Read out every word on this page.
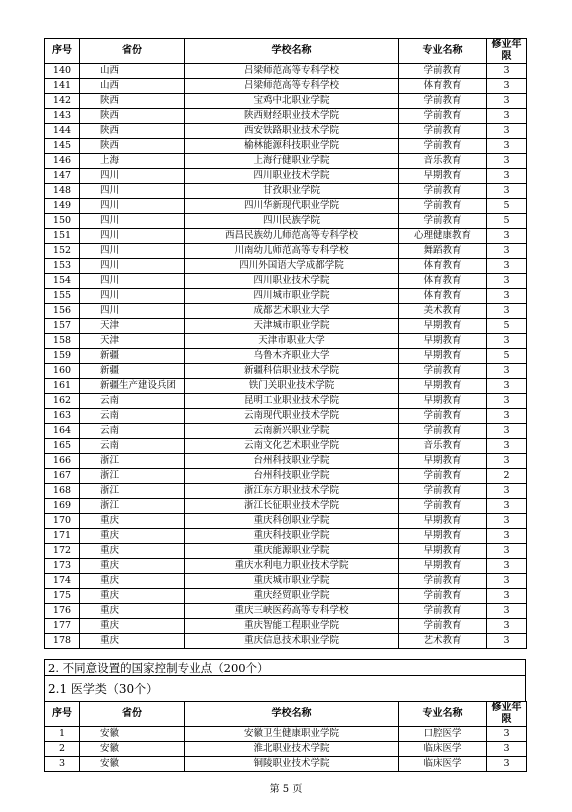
序号	省份	学校名称	专业名称	修业年限
140	山西	吕梁师范高等专科学校	学前教育	3
141	山西	吕梁师范高等专科学校	体育教育	3
142	陕西	宝鸡中北职业学院	学前教育	3
143	陕西	陕西财经职业技术学院	学前教育	3
144	陕西	西安铁路职业技术学院	学前教育	3
145	陕西	榆林能源科技职业学院	学前教育	3
146	上海	上海行健职业学院	音乐教育	3
147	四川	四川职业技术学院	早期教育	3
148	四川	甘孜职业学院	学前教育	3
149	四川	四川华新现代职业学院	学前教育	5
150	四川	四川民族学院	学前教育	5
151	四川	西昌民族幼儿师范高等专科学校	心理健康教育	3
152	四川	川南幼儿师范高等专科学校	舞蹈教育	3
153	四川	四川外国语大学成都学院	体育教育	3
154	四川	四川职业技术学院	体育教育	3
155	四川	四川城市职业学院	体育教育	3
156	四川	成都艺术职业大学	美术教育	3
157	天津	天津城市职业学院	早期教育	5
158	天津	天津市职业大学	早期教育	3
159	新疆	乌鲁木齐职业大学	早期教育	5
160	新疆	新疆科信职业技术学院	学前教育	3
161	新疆生产建设兵团	铁门关职业技术学院	早期教育	3
162	云南	昆明工业职业技术学院	早期教育	3
163	云南	云南现代职业技术学院	学前教育	3
164	云南	云南新兴职业学院	学前教育	3
165	云南	云南文化艺术职业学院	音乐教育	3
166	浙江	台州科技职业学院	早期教育	3
167	浙江	台州科技职业学院	学前教育	2
168	浙江	浙江东方职业技术学院	学前教育	3
169	浙江	浙江长征职业技术学院	学前教育	3
170	重庆	重庆科创职业学院	早期教育	3
171	重庆	重庆科技职业学院	早期教育	3
172	重庆	重庆能源职业学院	早期教育	3
173	重庆	重庆水利电力职业技术学院	早期教育	3
174	重庆	重庆城市职业学院	学前教育	3
175	重庆	重庆经贸职业学院	学前教育	3
176	重庆	重庆三峡医药高等专科学校	学前教育	3
177	重庆	重庆智能工程职业学院	学前教育	3
178	重庆	重庆信息技术职业学院	艺术教育	3
2. 不同意设置的国家控制专业点（200个）
2.1 医学类（30个）
序号	省份	学校名称	专业名称	修业年限
1	安徽	安徽卫生健康职业学院	口腔医学	3
2	安徽	淮北职业技术学院	临床医学	3
3	安徽	铜陵职业技术学院	临床医学	3
第 5 页
